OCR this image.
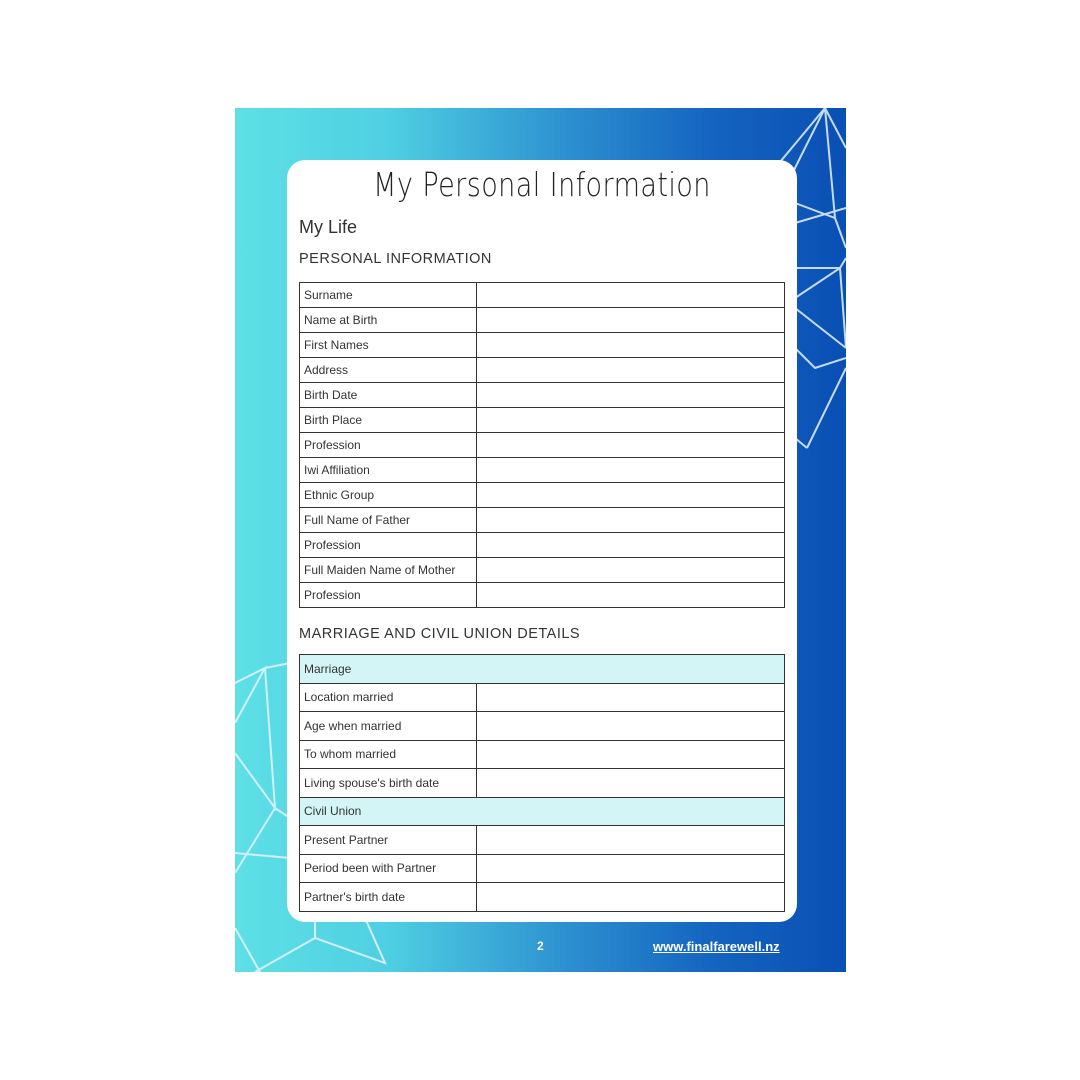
My Personal Information
My Life
PERSONAL INFORMATION
Surname	
Name at Birth	
First Names	
Address	
Birth Date	
Birth Place	
Profession	
Iwi Affiliation	
Ethnic Group	
Full Name of Father	
Profession	
Full Maiden Name of Mother	
Profession	
MARRIAGE AND CIVIL UNION DETAILS
Marriage	
Location married	
Age when married	
To whom married	
Living spouse's birth date	
Civil Union	
Present Partner	
Period been with Partner	
Partner's birth date	
2	www.finalfarewell.nz
